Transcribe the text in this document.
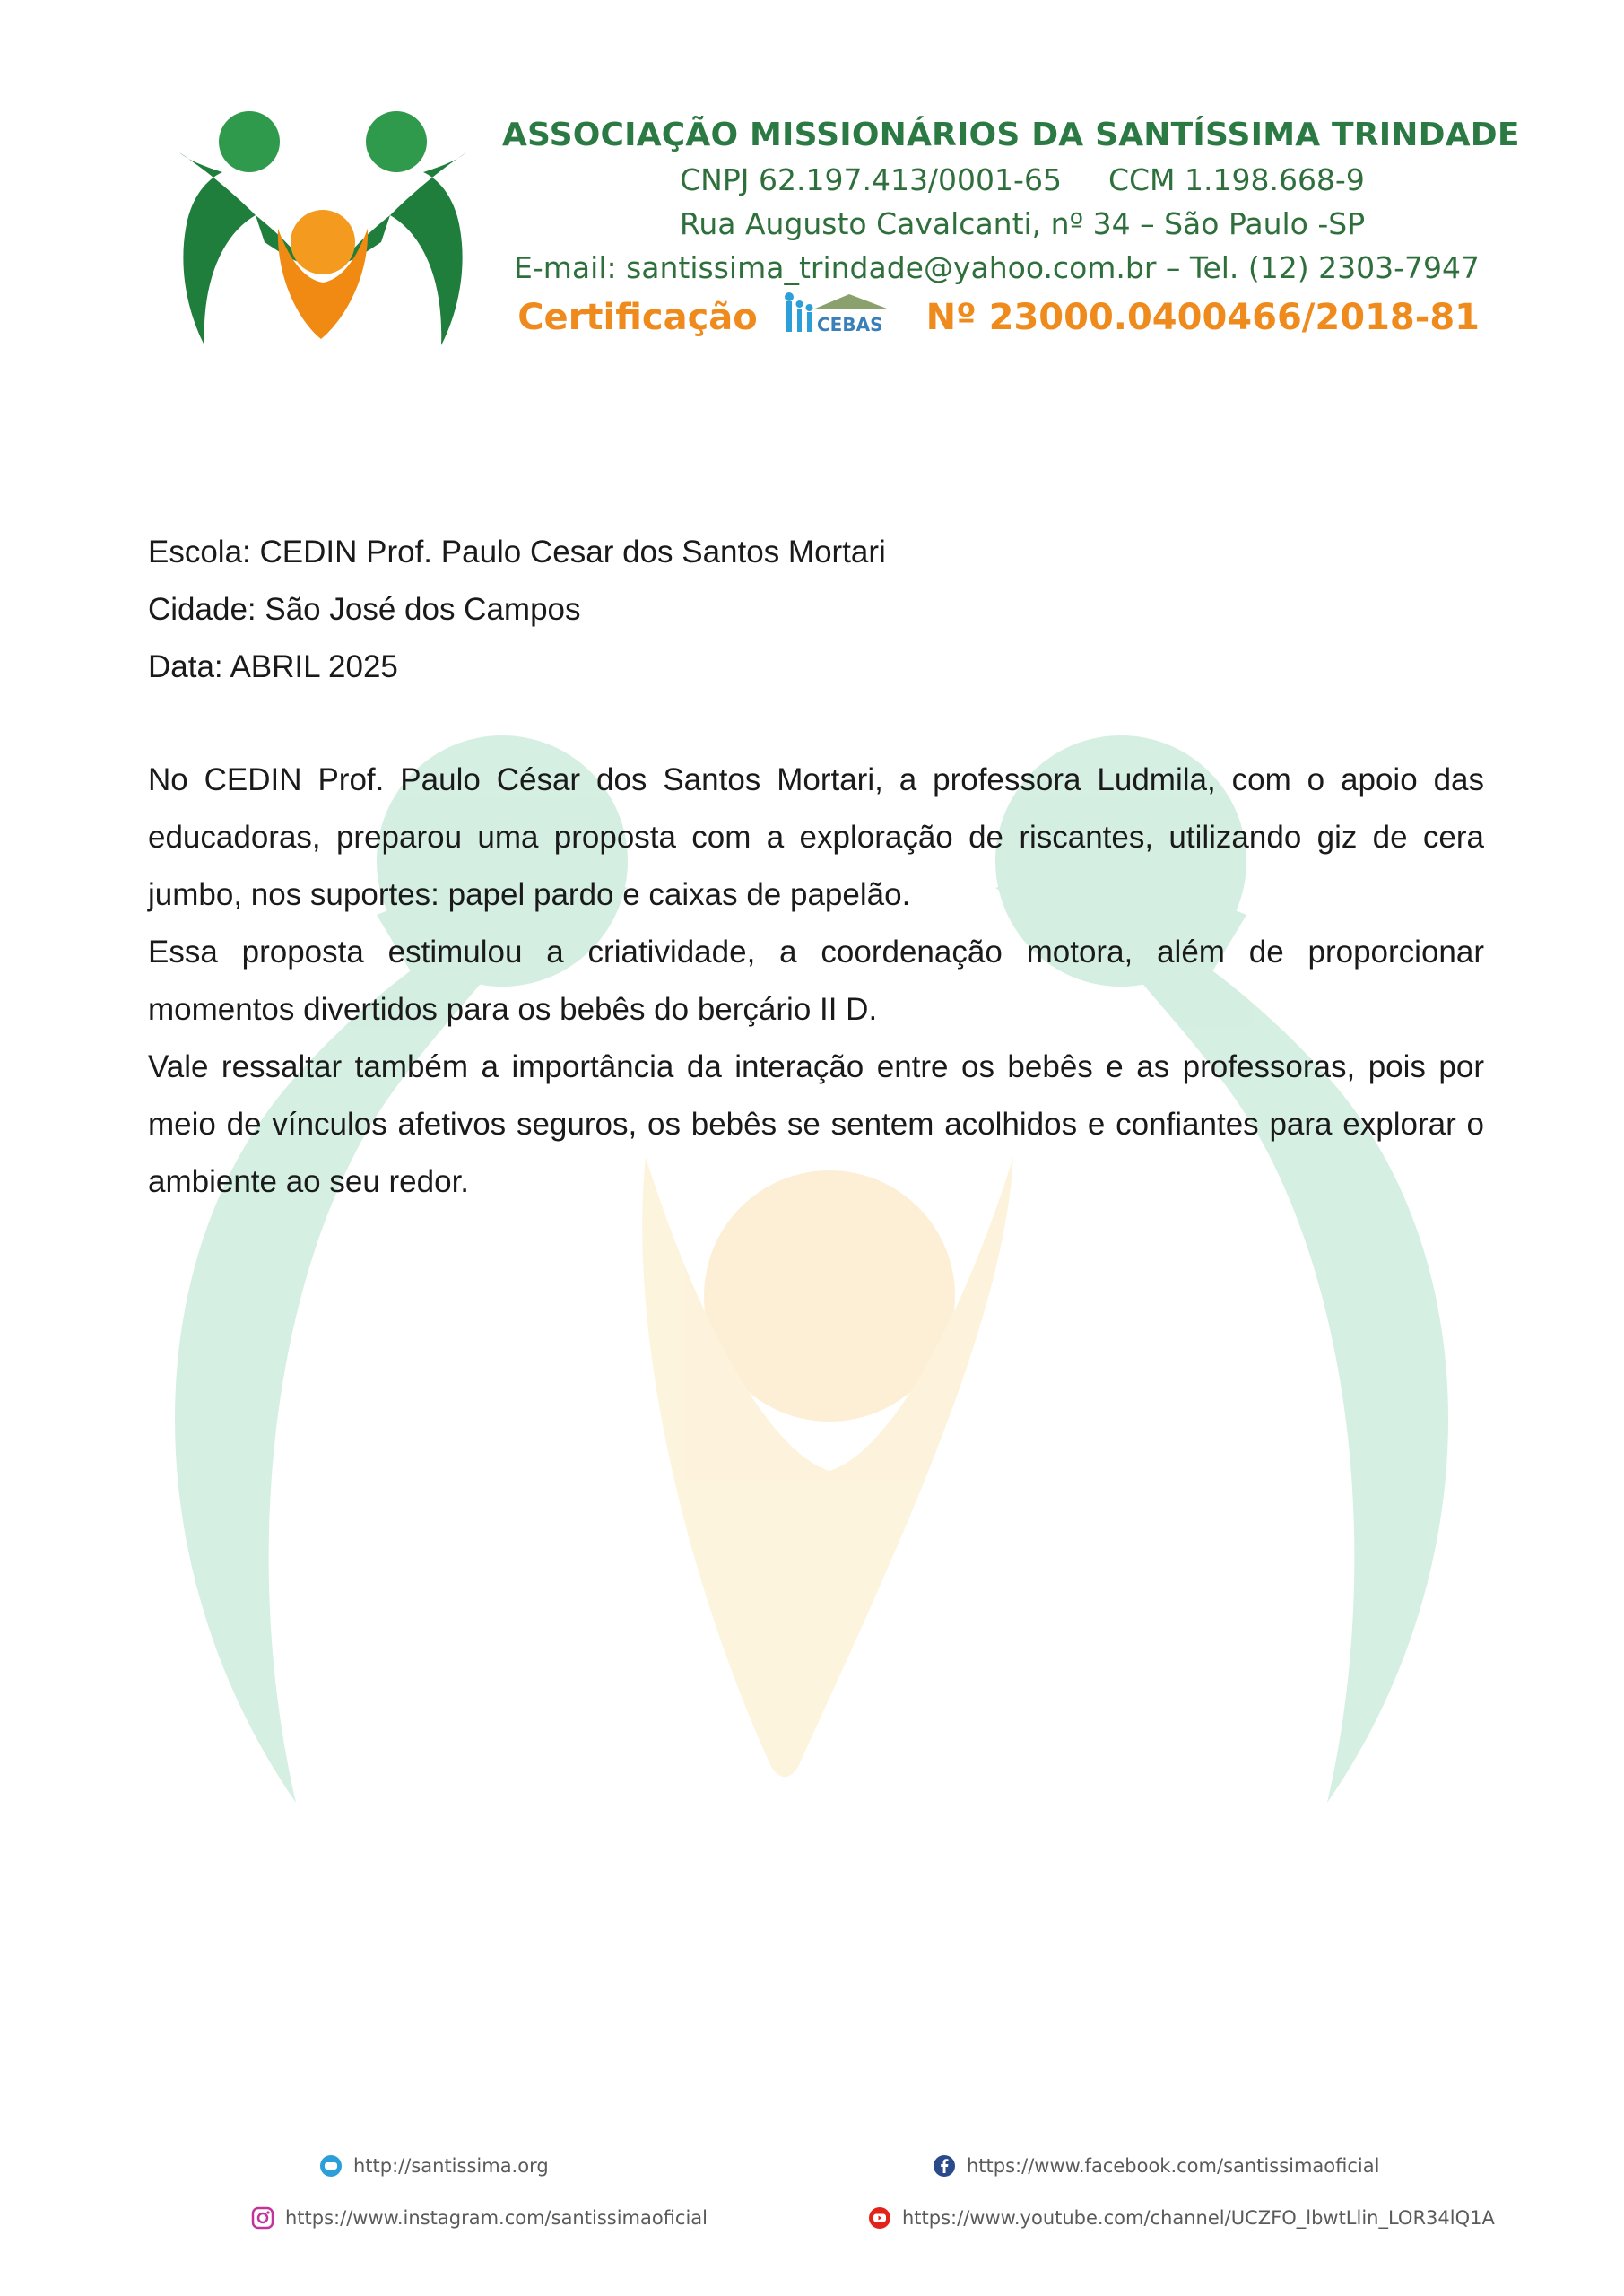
ASSOCIAÇÃO MISSIONÁRIOS DA SANTÍSSIMA TRINDADE
CNPJ 62.197.413/0001-65 CCM 1.198.668-9
Rua Augusto Cavalcanti, nº 34 – São Paulo -SP
E-mail: santissima_trindade@yahoo.com.br – Tel. (12) 2303-7947
Certificação	CEBAS Nº 23000.0400466/2018-81
Escola: CEDIN Prof. Paulo Cesar dos Santos Mortari
Cidade: São José dos Campos
Data: ABRIL 2025

No CEDIN Prof. Paulo César dos Santos Mortari, a professora Ludmila, com o apoio das educadoras, preparou uma proposta com a exploração de riscantes, utilizando giz de cera jumbo, nos suportes: papel pardo e caixas de papelão.

Essa proposta estimulou a criatividade, a coordenação motora, além de proporcionar momentos divertidos para os bebês do berçário II D.

Vale ressaltar também a importância da interação entre os bebês e as professoras, pois por meio de vínculos afetivos seguros, os bebês se sentem acolhidos e confiantes para explorar o ambiente ao seu redor.

http://santissima.org	https://www.facebook.com/santissimaoficial
https://www.instagram.com/santissimaoficial	https://www.youtube.com/channel/UCZFO_lbwtLlin_LOR34lQ1A
